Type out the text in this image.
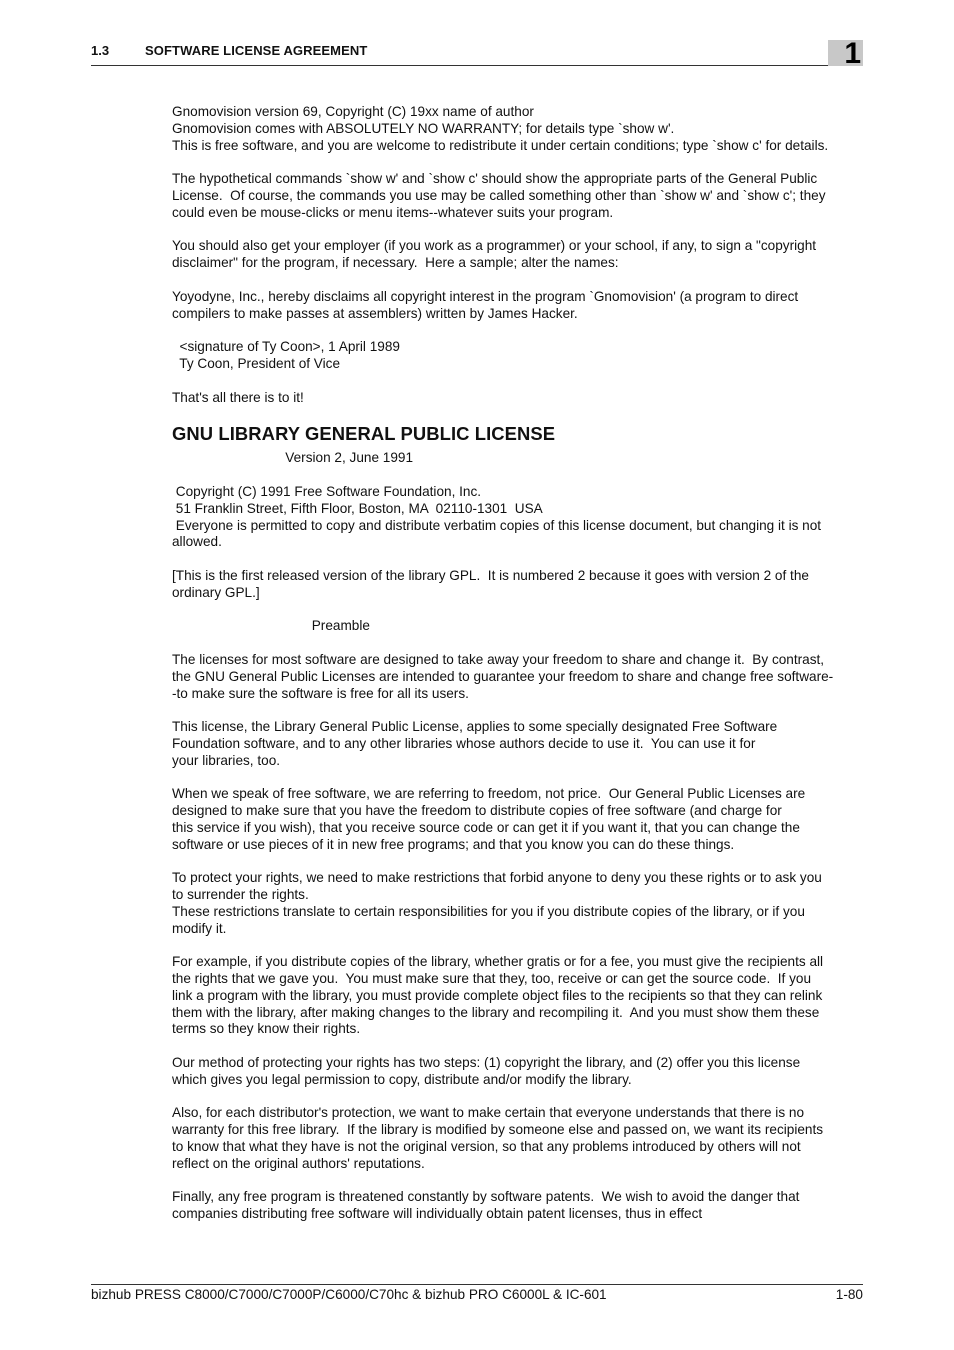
1.3	SOFTWARE LICENSE AGREEMENT	1

Gnomovision version 69, Copyright (C) 19xx name of author
Gnomovision comes with ABSOLUTELY NO WARRANTY; for details type `show w'.
This is free software, and you are welcome to redistribute it under certain conditions; type `show c' for details.

The hypothetical commands `show w' and `show c' should show the appropriate parts of the General Public
License.  Of course, the commands you use may be called something other than `show w' and `show c'; they
could even be mouse-clicks or menu items--whatever suits your program.

You should also get your employer (if you work as a programmer) or your school, if any, to sign a "copyright
disclaimer" for the program, if necessary.  Here a sample; alter the names:

Yoyodyne, Inc., hereby disclaims all copyright interest in the program `Gnomovision' (a program to direct
compilers to make passes at assemblers) written by James Hacker.

<signature of Ty Coon>, 1 April 1989
Ty Coon, President of Vice

That's all there is to it!

GNU LIBRARY GENERAL PUBLIC LICENSE

Version 2, June 1991

Copyright (C) 1991 Free Software Foundation, Inc.
51 Franklin Street, Fifth Floor, Boston, MA  02110-1301  USA
Everyone is permitted to copy and distribute verbatim copies of this license document, but changing it is not
allowed.

[This is the first released version of the library GPL.  It is numbered 2 because it goes with version 2 of the
ordinary GPL.]

Preamble

The licenses for most software are designed to take away your freedom to share and change it.  By contrast,
the GNU General Public Licenses are intended to guarantee your freedom to share and change free software-
-to make sure the software is free for all its users.

This license, the Library General Public License, applies to some specially designated Free Software
Foundation software, and to any other libraries whose authors decide to use it.  You can use it for
your libraries, too.

When we speak of free software, we are referring to freedom, not price.  Our General Public Licenses are
designed to make sure that you have the freedom to distribute copies of free software (and charge for
this service if you wish), that you receive source code or can get it if you want it, that you can change the
software or use pieces of it in new free programs; and that you know you can do these things.

To protect your rights, we need to make restrictions that forbid anyone to deny you these rights or to ask you
to surrender the rights.
These restrictions translate to certain responsibilities for you if you distribute copies of the library, or if you
modify it.

For example, if you distribute copies of the library, whether gratis or for a fee, you must give the recipients all
the rights that we gave you.  You must make sure that they, too, receive or can get the source code.  If you
link a program with the library, you must provide complete object files to the recipients so that they can relink
them with the library, after making changes to the library and recompiling it.  And you must show them these
terms so they know their rights.

Our method of protecting your rights has two steps: (1) copyright the library, and (2) offer you this license
which gives you legal permission to copy, distribute and/or modify the library.

Also, for each distributor's protection, we want to make certain that everyone understands that there is no
warranty for this free library.  If the library is modified by someone else and passed on, we want its recipients
to know that what they have is not the original version, so that any problems introduced by others will not
reflect on the original authors' reputations.

Finally, any free program is threatened constantly by software patents.  We wish to avoid the danger that
companies distributing free software will individually obtain patent licenses, thus in effect

bizhub PRESS C8000/C7000/C7000P/C6000/C70hc & bizhub PRO C6000L & IC-601	1-80
